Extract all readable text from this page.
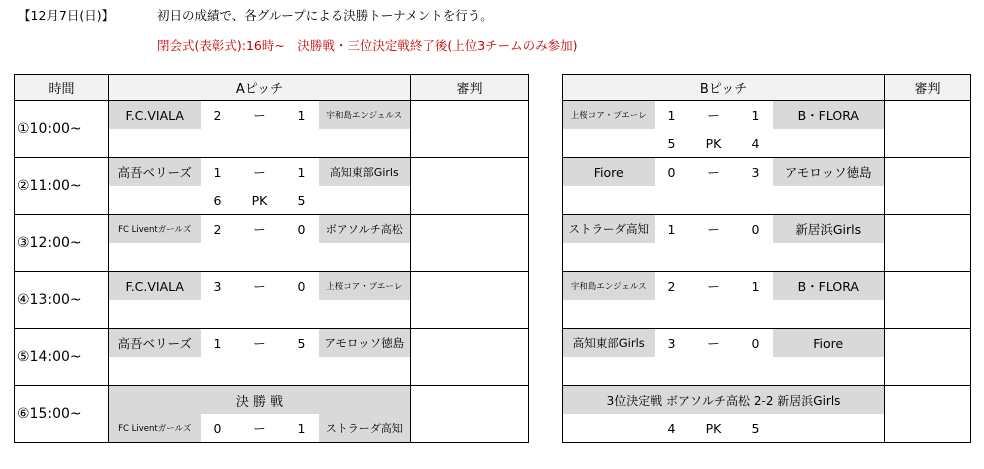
【12月7日(日)】	初日の成績で、各グループによる決勝トーナメントを行う。
閉会式(表彰式):16時~　決勝戦・三位決定戦終了後(上位3チームのみ参加)
時間	Aピッチ					審判
①10:00~	F.C.VIALA	2	ー	1	宇和島エンジェルス	

②11:00~	高吾ベリーズ	1	ー	1	高知東部Girls	
		6	PK	5		
③12:00~	FC Liventガールズ	2	ー	0	ボアソルチ高松	

④13:00~	F.C.VIALA	3	ー	0	上桜コア・ブエーレ	

⑤14:00~	高吾ベリーズ	1	ー	5	アモロッソ徳島	

⑥15:00~	決 勝 戦					
	FC Liventガールズ	0	ー	1	ストラーダ高知	
Bピッチ					審判
上桜コア・ブエーレ	1	ー	1	B・FLORA	
	5	PK	4		
Fiore	0	ー	3	アモロッソ徳島	

ストラーダ高知	1	ー	0	新居浜Girls	

宇和島エンジェルス	2	ー	1	B・FLORA	

高知東部Girls	3	ー	0	Fiore	

3位決定戦 ボアソルチ高松 2-2 新居浜Girls					
	4	PK	5		
